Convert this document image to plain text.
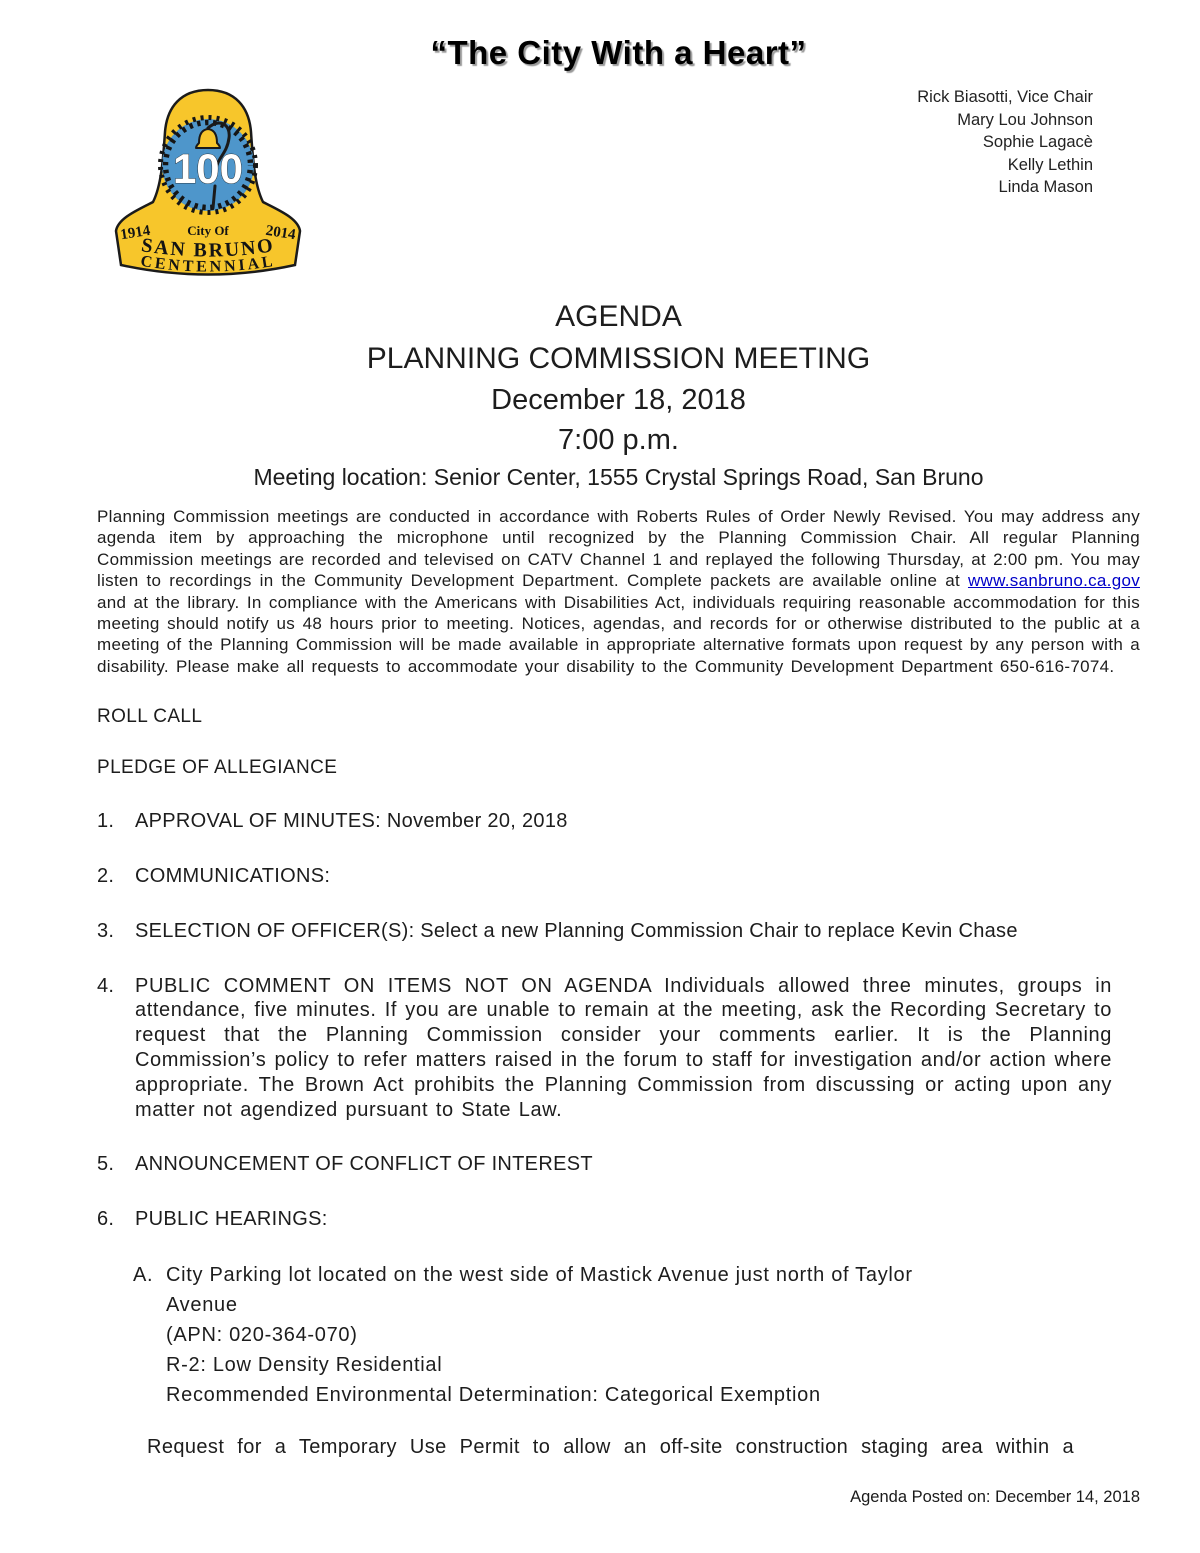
“The City With a Heart”
100
1914	2014
City Of
SAN BRUNO
CENTENNIAL
Rick Biasotti, Vice Chair
Mary Lou Johnson
Sophie Lagacè
Kelly Lethin
Linda Mason
AGENDA
PLANNING COMMISSION MEETING
December 18, 2018
7:00 p.m.
Meeting location: Senior Center, 1555 Crystal Springs Road, San Bruno

Planning Commission meetings are conducted in accordance with Roberts Rules of Order Newly Revised. You may address any agenda item by approaching the microphone until recognized by the Planning Commission Chair. All regular Planning Commission meetings are recorded and televised on CATV Channel 1 and replayed the following Thursday, at 2:00 pm. You may listen to recordings in the Community Development Department. Complete packets are available online at www.sanbruno.ca.gov and at the library. In compliance with the Americans with Disabilities Act, individuals requiring reasonable accommodation for this meeting should notify us 48 hours prior to meeting. Notices, agendas, and records for or otherwise distributed to the public at a meeting of the Planning Commission will be made available in appropriate alternative formats upon request by any person with a disability. Please make all requests to accommodate your disability to the Community Development Department 650-616-7074.

ROLL CALL
PLEDGE OF ALLEGIANCE
1.	APPROVAL OF MINUTES: November 20, 2018
2.	COMMUNICATIONS:
3.	SELECTION OF OFFICER(S): Select a new Planning Commission Chair to replace Kevin Chase
4.	PUBLIC COMMENT ON ITEMS NOT ON AGENDA Individuals allowed three minutes, groups in attendance, five minutes. If you are unable to remain at the meeting, ask the Recording Secretary to request that the Planning Commission consider your comments earlier. It is the Planning Commission’s policy to refer matters raised in the forum to staff for investigation and/or action where appropriate. The Brown Act prohibits the Planning Commission from discussing or acting upon any matter not agendized pursuant to State Law.
5.	ANNOUNCEMENT OF CONFLICT OF INTEREST
6.	PUBLIC HEARINGS:
A. City Parking lot located on the west side of Mastick Avenue just north of Taylor
Avenue
(APN: 020-364-070)
R-2: Low Density Residential
Recommended Environmental Determination: Categorical Exemption

Request for a Temporary Use Permit to allow an off-site construction staging area within a

Agenda Posted on: December 14, 2018
